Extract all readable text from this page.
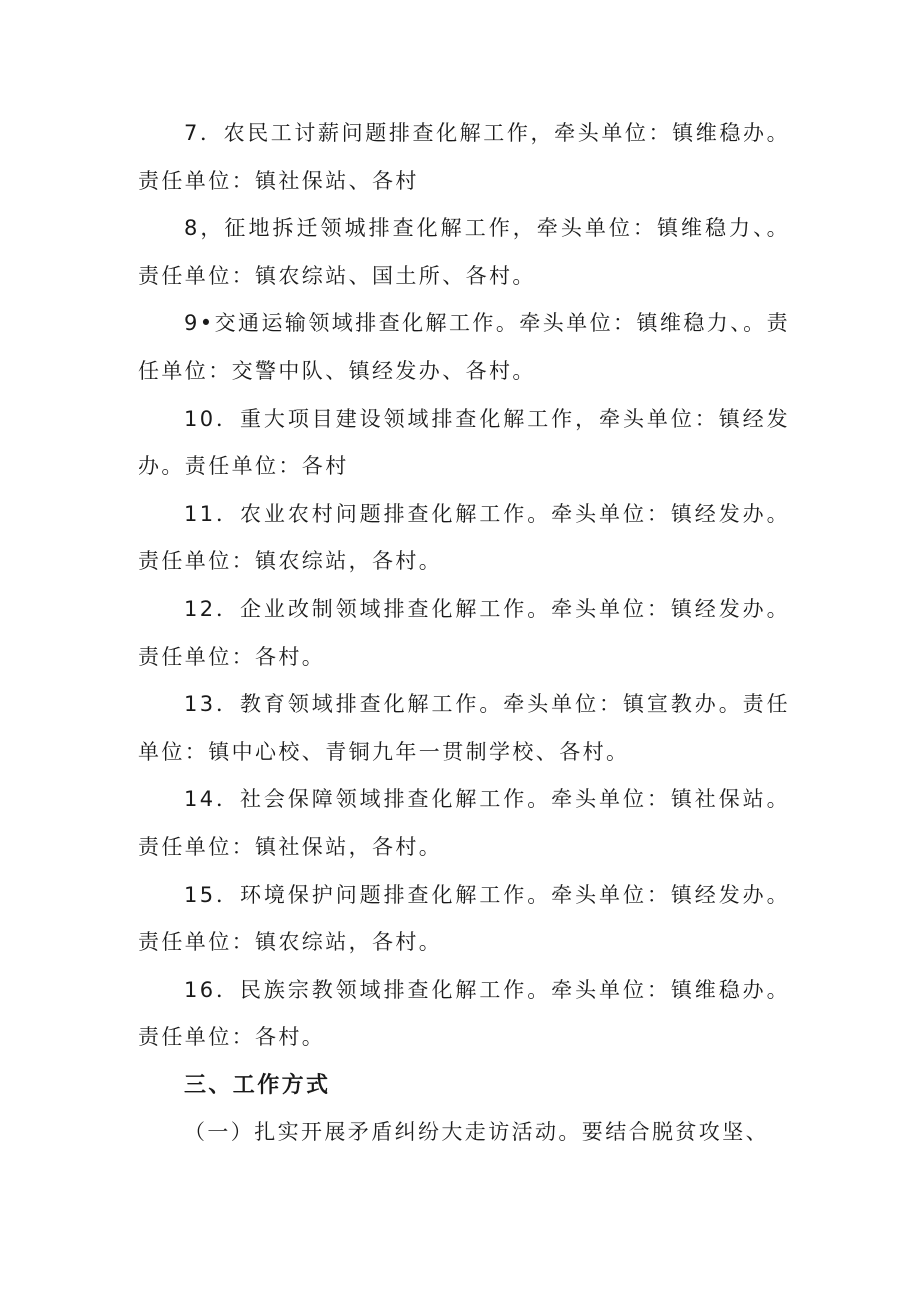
7．农民工讨薪问题排查化解工作，牵头单位：镇维稳办。责任单位：镇社保站、各村

8，征地拆迁领城排查化解工作，牵头单位：镇维稳力、。责任单位：镇农综站、国土所、各村。

9•交通运输领域排查化解工作。牵头单位：镇维稳力、。责任单位：交警中队、镇经发办、各村。

10．重大项目建设领域排查化解工作，牵头单位：镇经发办。责任单位：各村

11．农业农村问题排查化解工作。牵头单位：镇经发办。责任单位：镇农综站，各村。

12．企业改制领域排查化解工作。牵头单位：镇经发办。责任单位：各村。

13．教育领域排查化解工作。牵头单位：镇宣教办。责任单位：镇中心校、青铜九年一贯制学校、各村。

14．社会保障领域排查化解工作。牵头单位：镇社保站。责任单位：镇社保站，各村。

15．环境保护问题排查化解工作。牵头单位：镇经发办。责任单位：镇农综站，各村。

16．民族宗教领域排查化解工作。牵头单位：镇维稳办。责任单位：各村。

三、工作方式

（一）扎实开展矛盾纠纷大走访活动。要结合脱贫攻坚、
